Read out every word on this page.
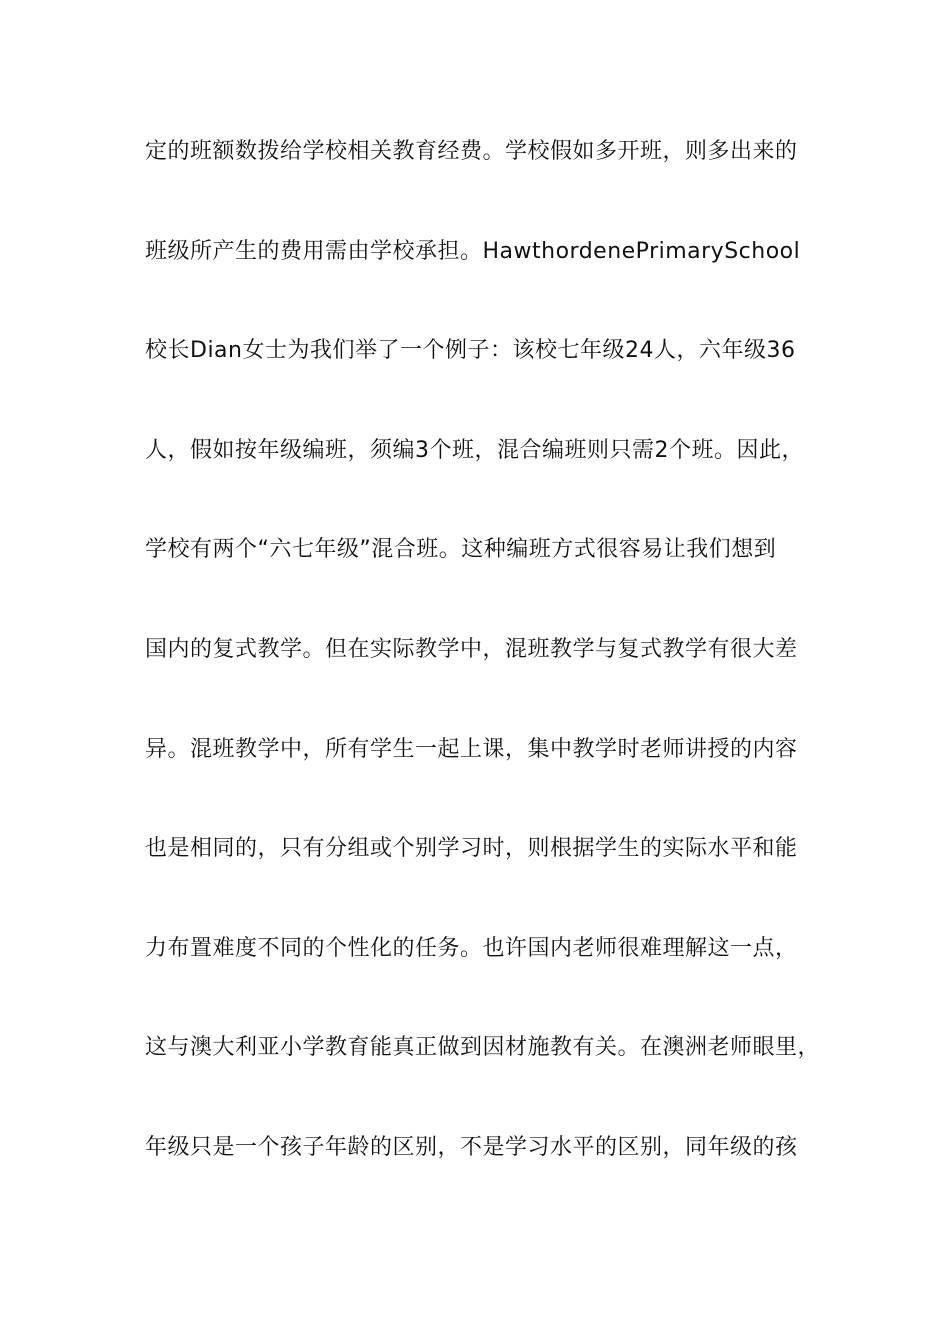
定的班额数拨给学校相关教育经费。学校假如多开班，则多出来的
班级所产生的费用需由学校承担。HawthordenePrimarySchool
校长Dian女士为我们举了一个例子：该校七年级24人，六年级36
人，假如按年级编班，须编3个班，混合编班则只需2个班。因此，
学校有两个“六七年级”混合班。这种编班方式很容易让我们想到
国内的复式教学。但在实际教学中，混班教学与复式教学有很大差
异。混班教学中，所有学生一起上课，集中教学时老师讲授的内容
也是相同的，只有分组或个别学习时，则根据学生的实际水平和能
力布置难度不同的个性化的任务。也许国内老师很难理解这一点，
这与澳大利亚小学教育能真正做到因材施教有关。在澳洲老师眼里，
年级只是一个孩子年龄的区别，不是学习水平的区别，同年级的孩
